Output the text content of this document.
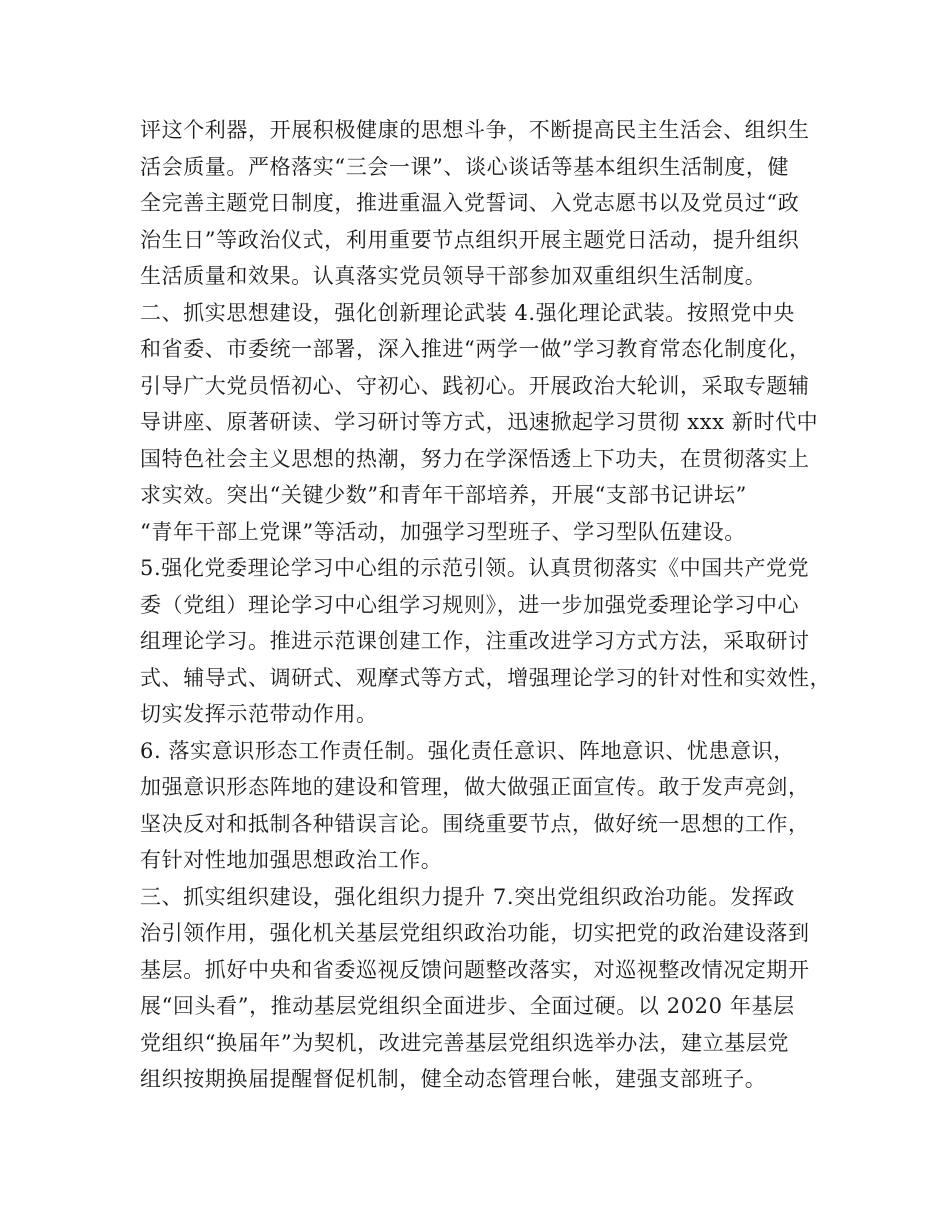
评这个利器，开展积极健康的思想斗争，不断提高民主生活会、组织生
活会质量。严格落实“三会一课”、谈心谈话等基本组织生活制度，健
全完善主题党日制度，推进重温入党誓词、入党志愿书以及党员过“政
治生日”等政治仪式，利用重要节点组织开展主题党日活动，提升组织
生活质量和效果。认真落实党员领导干部参加双重组织生活制度。
二、抓实思想建设，强化创新理论武装 4.强化理论武装。按照党中央
和省委、市委统一部署，深入推进“两学一做”学习教育常态化制度化，
引导广大党员悟初心、守初心、践初心。开展政治大轮训，采取专题辅
导讲座、原著研读、学习研讨等方式，迅速掀起学习贯彻 xxx 新时代中
国特色社会主义思想的热潮，努力在学深悟透上下功夫，在贯彻落实上
求实效。突出“关键少数”和青年干部培养，开展“支部书记讲坛”
“青年干部上党课”等活动，加强学习型班子、学习型队伍建设。
5.强化党委理论学习中心组的示范引领。认真贯彻落实《中国共产党党
委（党组）理论学习中心组学习规则》，进一步加强党委理论学习中心
组理论学习。推进示范课创建工作，注重改进学习方式方法，采取研讨
式、辅导式、调研式、观摩式等方式，增强理论学习的针对性和实效性，
切实发挥示范带动作用。
6. 落实意识形态工作责任制。强化责任意识、阵地意识、忧患意识，
加强意识形态阵地的建设和管理，做大做强正面宣传。敢于发声亮剑，
坚决反对和抵制各种错误言论。围绕重要节点，做好统一思想的工作，
有针对性地加强思想政治工作。
三、抓实组织建设，强化组织力提升 7.突出党组织政治功能。发挥政
治引领作用，强化机关基层党组织政治功能，切实把党的政治建设落到
基层。抓好中央和省委巡视反馈问题整改落实，对巡视整改情况定期开
展“回头看”，推动基层党组织全面进步、全面过硬。以 2020 年基层
党组织“换届年”为契机，改进完善基层党组织选举办法，建立基层党
组织按期换届提醒督促机制，健全动态管理台帐，建强支部班子。
